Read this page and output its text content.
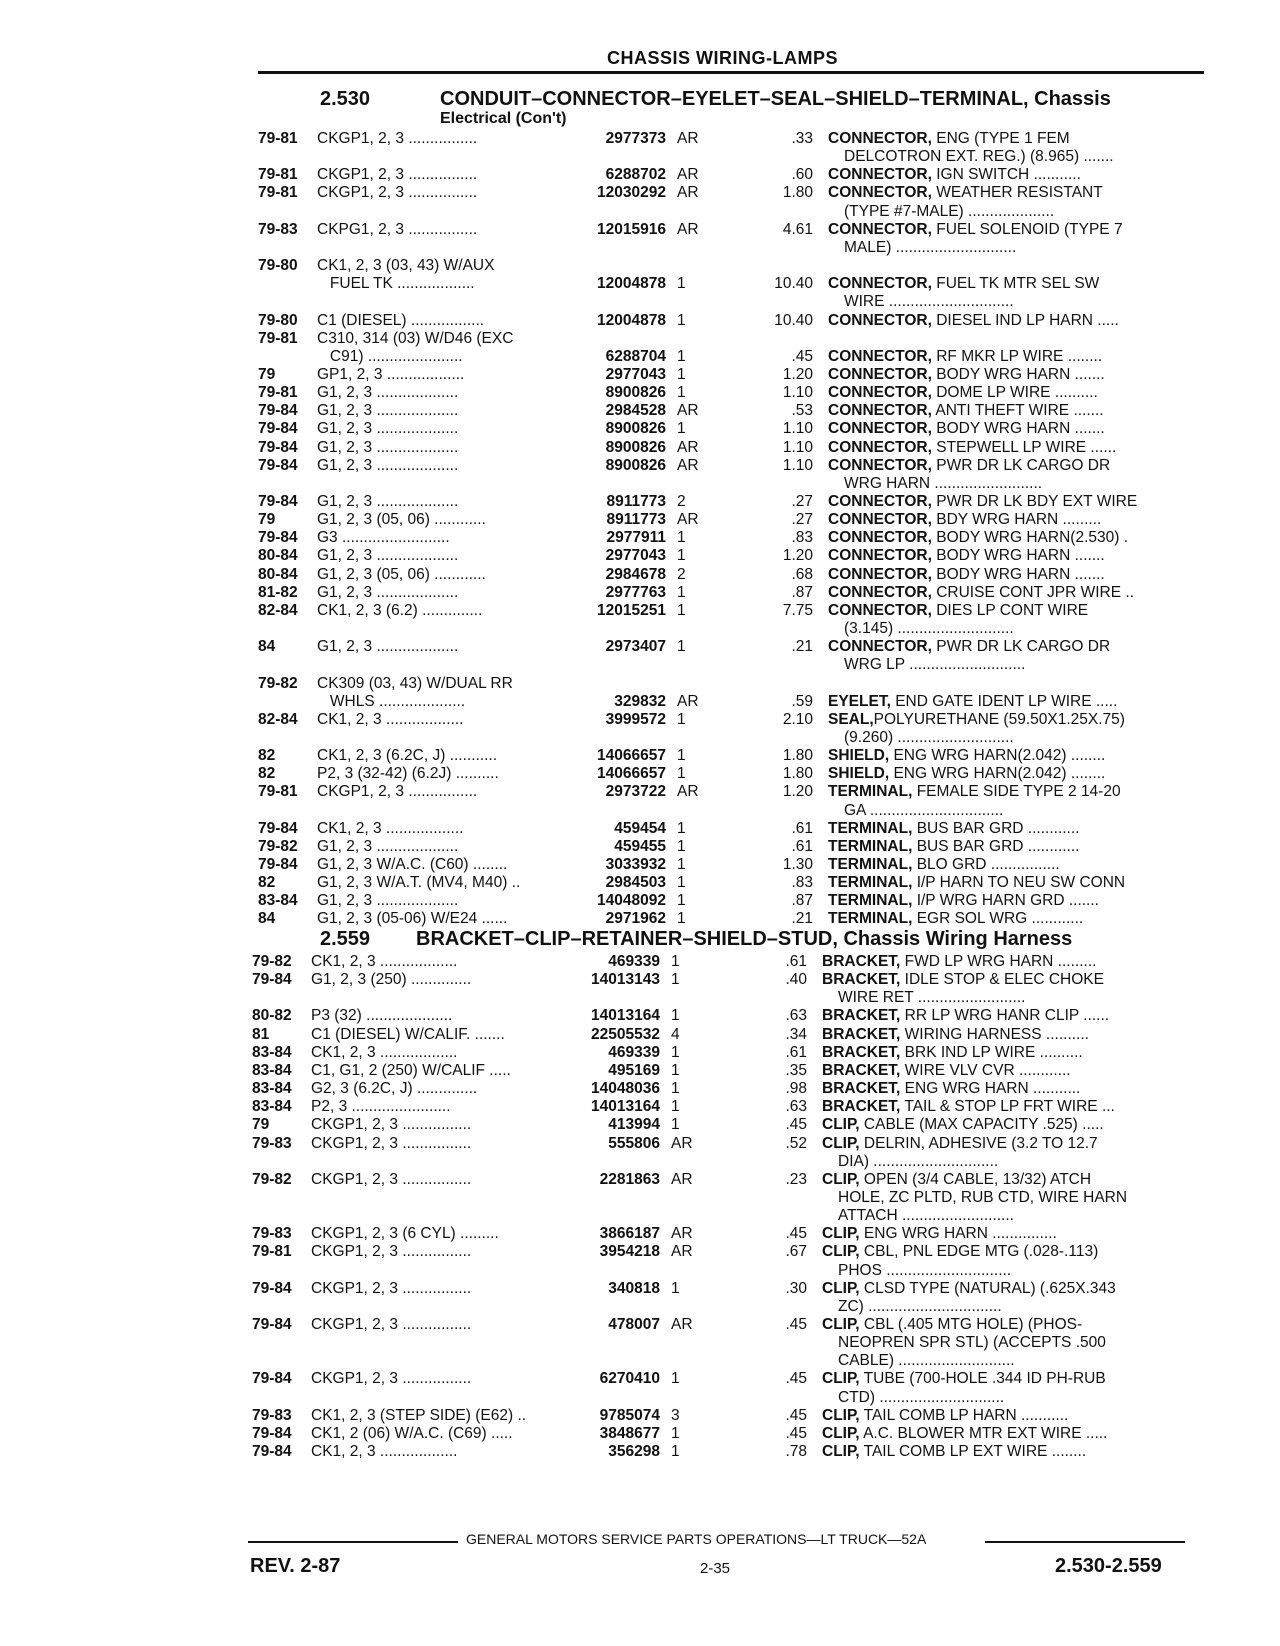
CHASSIS WIRING-LAMPS
2.530	CONDUIT–CONNECTOR–EYELET–SEAL–SHIELD–TERMINAL, Chassis
Electrical (Con't)
79-81 CKGP1, 2, 3 ................	2977373 AR	.33 CONNECTOR, ENG (TYPE 1 FEM
DELCOTRON EXT. REG.) (8.965) .......
79-81 CKGP1, 2, 3 ................	6288702 AR	.60 CONNECTOR, IGN SWITCH ...........
79-81 CKGP1, 2, 3 ................	12030292 AR	1.80 CONNECTOR, WEATHER RESISTANT
(TYPE #7-MALE) ....................
79-83 CKPG1, 2, 3 ................	12015916 AR	4.61 CONNECTOR, FUEL SOLENOID (TYPE 7
MALE) ............................
79-80 CK1, 2, 3 (03, 43) W/AUX
FUEL TK ..................	12004878 1	10.40 CONNECTOR, FUEL TK MTR SEL SW
WIRE .............................
79-80 C1 (DIESEL) .................	12004878 1	10.40 CONNECTOR, DIESEL IND LP HARN .....
79-81 C310, 314 (03) W/D46 (EXC
C91) ......................	6288704 1	.45 CONNECTOR, RF MKR LP WIRE ........
79	GP1, 2, 3 ..................	2977043 1	1.20 CONNECTOR, BODY WRG HARN .......
79-81 G1, 2, 3 ...................	8900826 1	1.10 CONNECTOR, DOME LP WIRE ..........
79-84 G1, 2, 3 ...................	2984528 AR	.53 CONNECTOR, ANTI THEFT WIRE .......
79-84 G1, 2, 3 ...................	8900826 1	1.10 CONNECTOR, BODY WRG HARN .......
79-84 G1, 2, 3 ...................	8900826 AR	1.10 CONNECTOR, STEPWELL LP WIRE ......
79-84 G1, 2, 3 ...................	8900826 AR	1.10 CONNECTOR, PWR DR LK CARGO DR
WRG HARN .........................
79-84 G1, 2, 3 ...................	8911773 2	.27 CONNECTOR, PWR DR LK BDY EXT WIRE
79	G1, 2, 3 (05, 06) ............	8911773 AR	.27 CONNECTOR, BDY WRG HARN .........
79-84 G3 .........................	2977911 1	.83 CONNECTOR, BODY WRG HARN(2.530) .
80-84 G1, 2, 3 ...................	2977043 1	1.20 CONNECTOR, BODY WRG HARN .......
80-84 G1, 2, 3 (05, 06) ............	2984678 2	.68 CONNECTOR, BODY WRG HARN .......
81-82 G1, 2, 3 ...................	2977763 1	.87 CONNECTOR, CRUISE CONT JPR WIRE ..
82-84 CK1, 2, 3 (6.2) ..............	12015251 1	7.75 CONNECTOR, DIES LP CONT WIRE
(3.145) ...........................
84	G1, 2, 3 ...................	2973407 1	.21 CONNECTOR, PWR DR LK CARGO DR
WRG LP ...........................
79-82 CK309 (03, 43) W/DUAL RR
WHLS ....................	329832 AR	.59 EYELET, END GATE IDENT LP WIRE .....
82-84 CK1, 2, 3 ..................	3999572 1	2.10 SEAL,POLYURETHANE (59.50X1.25X.75)
(9.260) ...........................
82	CK1, 2, 3 (6.2C, J) ...........	14066657 1	1.80 SHIELD, ENG WRG HARN(2.042) ........
82	P2, 3 (32-42) (6.2J) ..........	14066657 1	1.80 SHIELD, ENG WRG HARN(2.042) ........
79-81 CKGP1, 2, 3 ................	2973722 AR	1.20 TERMINAL, FEMALE SIDE TYPE 2 14-20
GA ...............................
79-84 CK1, 2, 3 ..................	459454 1	.61 TERMINAL, BUS BAR GRD ............
79-82 G1, 2, 3 ...................	459455 1	.61 TERMINAL, BUS BAR GRD ............
79-84 G1, 2, 3 W/A.C. (C60) ........	3033932 1	1.30 TERMINAL, BLO GRD ................
82	G1, 2, 3 W/A.T. (MV4, M40) ..	2984503 1	.83 TERMINAL, I/P HARN TO NEU SW CONN
83-84 G1, 2, 3 ...................	14048092 1	.87 TERMINAL, I/P WRG HARN GRD .......
84	G1, 2, 3 (05-06) W/E24 ......	2971962 1	.21 TERMINAL, EGR SOL WRG ............
2.559 BRACKET–CLIP–RETAINER–SHIELD–STUD, Chassis Wiring Harness
79-82 CK1, 2, 3 ..................	469339 1	.61 BRACKET, FWD LP WRG HARN .........
79-84 G1, 2, 3 (250) ..............	14013143 1	.40 BRACKET, IDLE STOP & ELEC CHOKE
WIRE RET .........................
80-82 P3 (32) ....................	14013164 1	.63 BRACKET, RR LP WRG HANR CLIP ......
81	C1 (DIESEL) W/CALIF. .......	22505532 4	.34 BRACKET, WIRING HARNESS ..........
83-84 CK1, 2, 3 ..................	469339 1	.61 BRACKET, BRK IND LP WIRE ..........
83-84 C1, G1, 2 (250) W/CALIF .....	495169 1	.35 BRACKET, WIRE VLV CVR ............
83-84 G2, 3 (6.2C, J) ..............	14048036 1	.98 BRACKET, ENG WRG HARN ...........
83-84 P2, 3 .......................	14013164 1	.63 BRACKET, TAIL & STOP LP FRT WIRE ...
79	CKGP1, 2, 3 ................	413994 1	.45 CLIP, CABLE (MAX CAPACITY .525) .....
79-83 CKGP1, 2, 3 ................	555806 AR	.52 CLIP, DELRIN, ADHESIVE (3.2 TO 12.7
DIA) .............................
79-82 CKGP1, 2, 3 ................	2281863 AR	.23 CLIP, OPEN (3/4 CABLE, 13/32) ATCH
HOLE, ZC PLTD, RUB CTD, WIRE HARN
ATTACH ..........................
79-83 CKGP1, 2, 3 (6 CYL) .........	3866187 AR	.45 CLIP, ENG WRG HARN ...............
79-81 CKGP1, 2, 3 ................	3954218 AR	.67 CLIP, CBL, PNL EDGE MTG (.028-.113)
PHOS .............................
79-84 CKGP1, 2, 3 ................	340818 1	.30 CLIP, CLSD TYPE (NATURAL) (.625X.343
ZC) ...............................
79-84 CKGP1, 2, 3 ................	478007 AR	.45 CLIP, CBL (.405 MTG HOLE) (PHOS-
NEOPREN SPR STL) (ACCEPTS .500
CABLE) ...........................
79-84 CKGP1, 2, 3 ................	6270410 1	.45 CLIP, TUBE (700-HOLE .344 ID PH-RUB
CTD) .............................
79-83 CK1, 2, 3 (STEP SIDE) (E62) ..	9785074 3	.45 CLIP, TAIL COMB LP HARN ...........
79-84 CK1, 2 (06) W/A.C. (C69) .....	3848677 1	.45 CLIP, A.C. BLOWER MTR EXT WIRE .....
79-84 CK1, 2, 3 ..................	356298 1	.78 CLIP, TAIL COMB LP EXT WIRE ........
GENERAL MOTORS SERVICE PARTS OPERATIONS—LT TRUCK—52A
REV. 2-87	2-35	2.530-2.559
